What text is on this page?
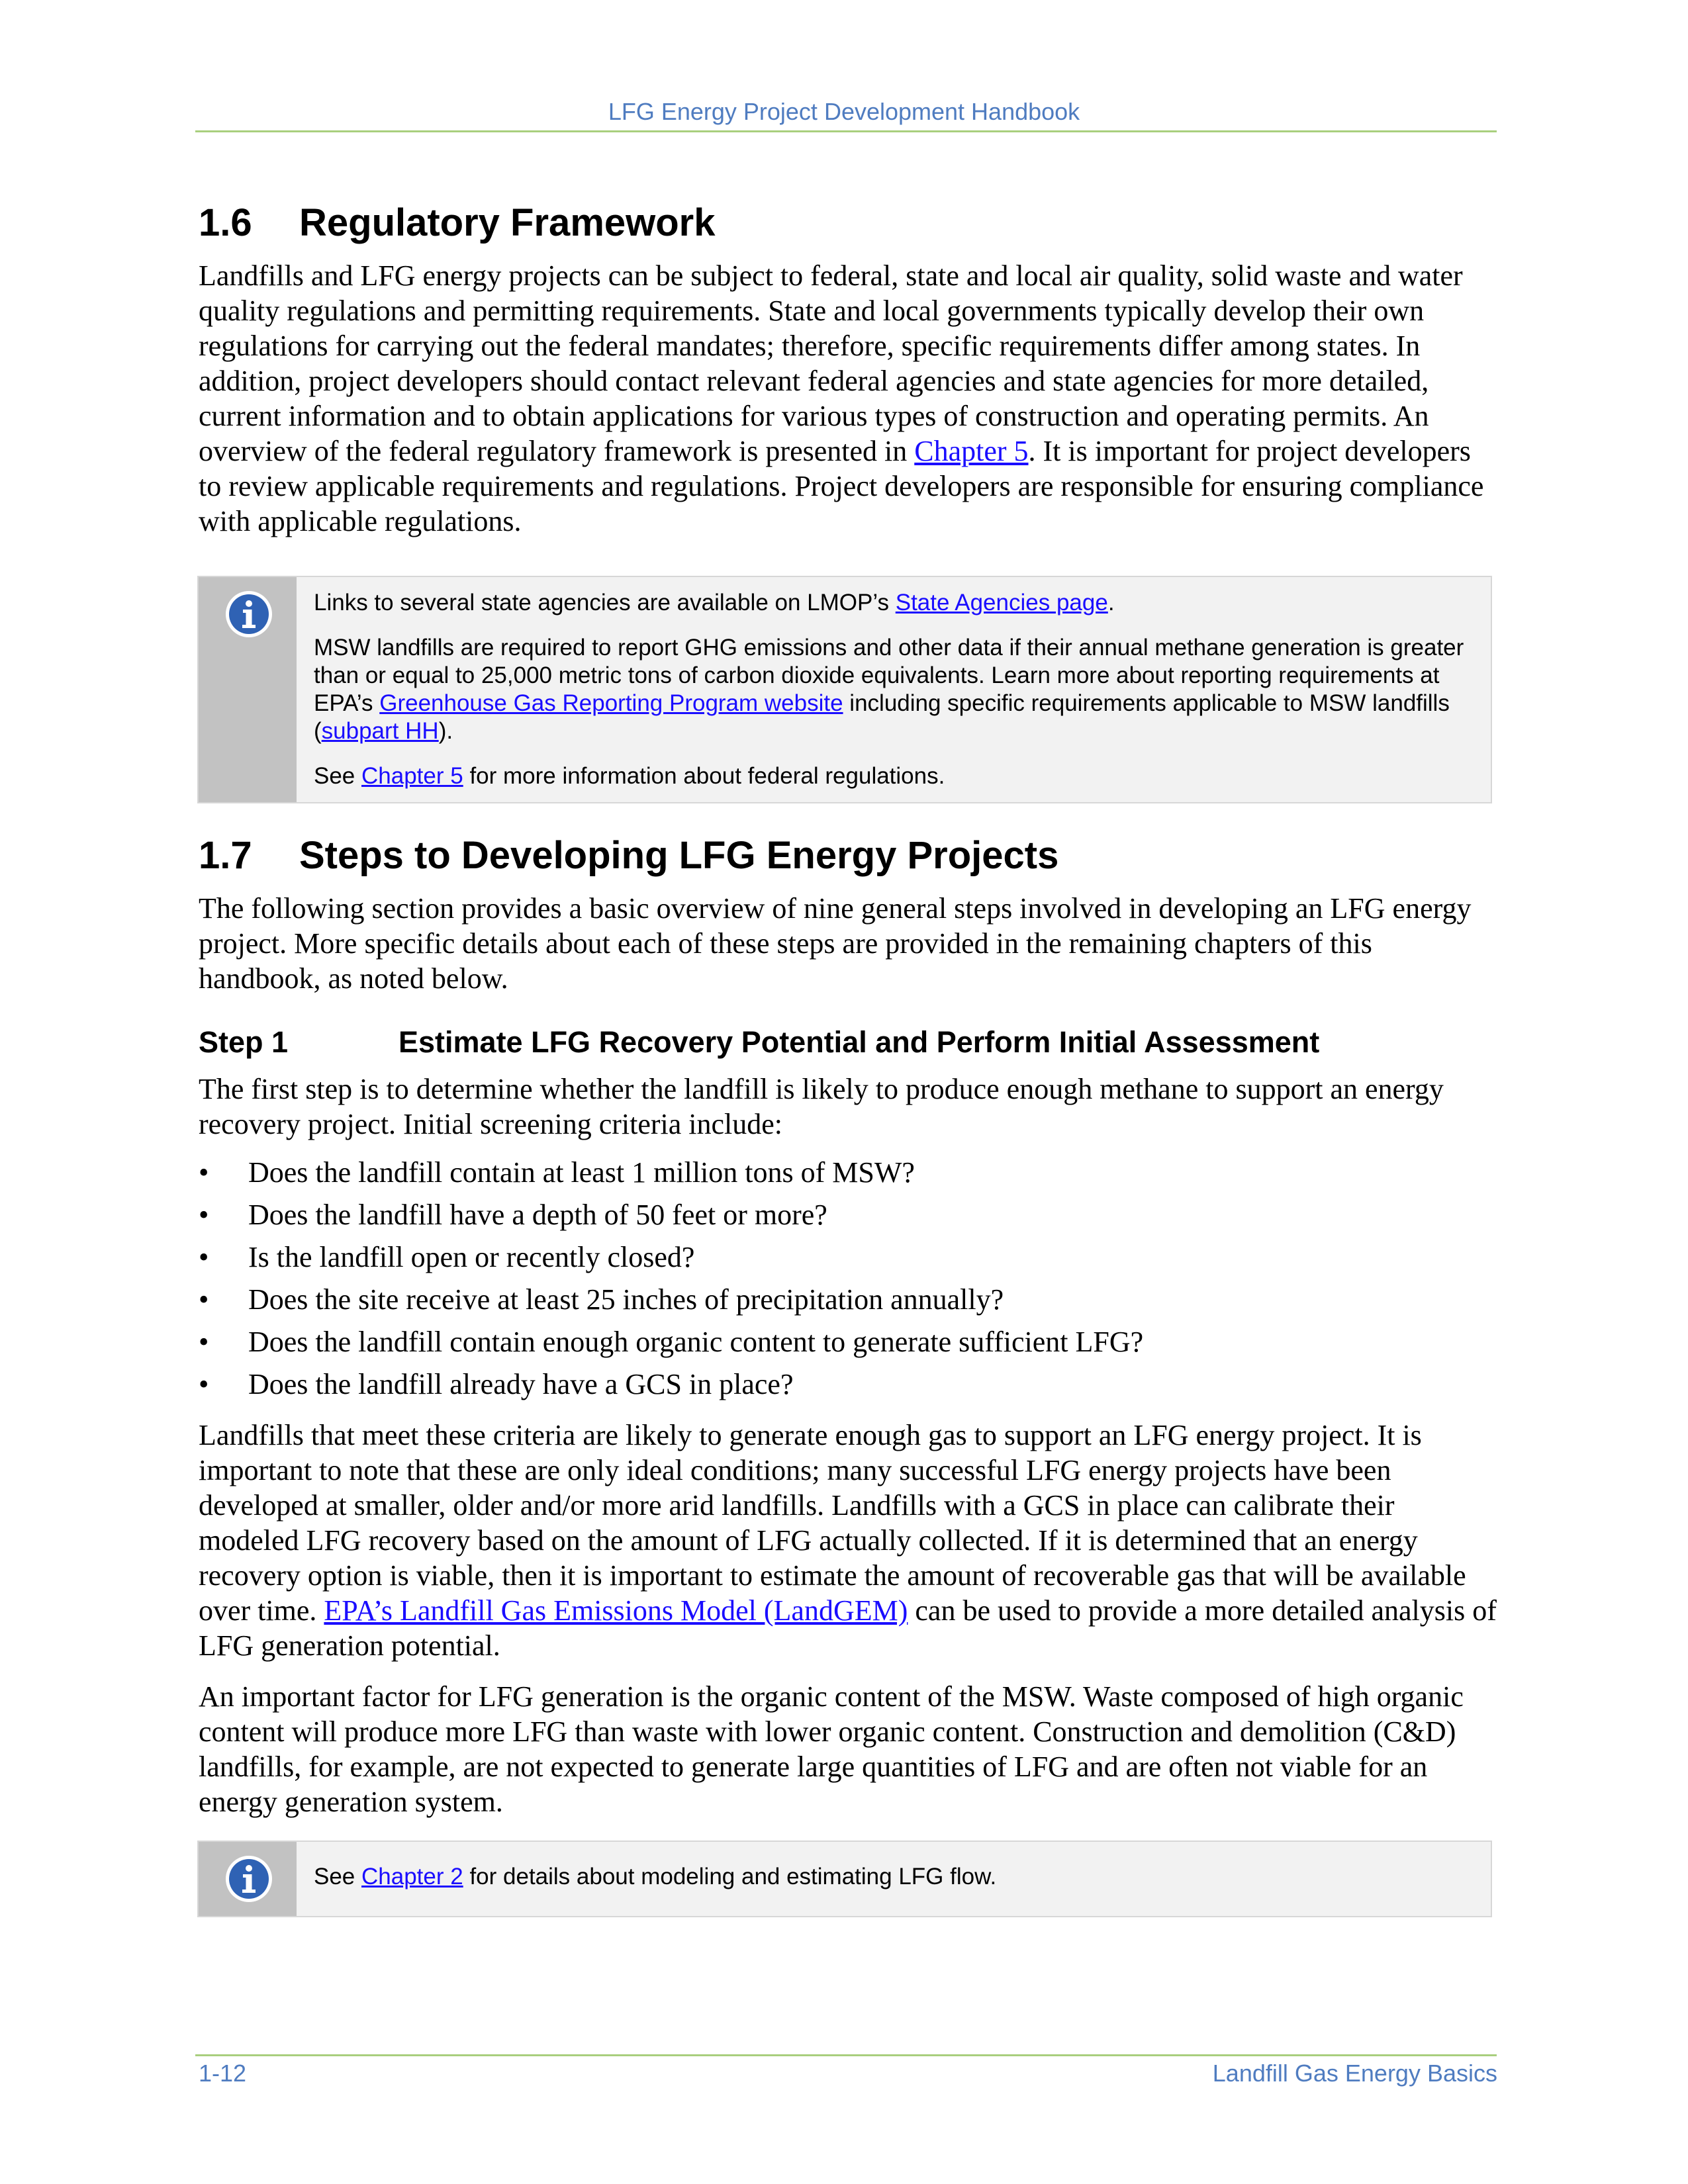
LFG Energy Project Development Handbook
1.6	Regulatory Framework

Landfills and LFG energy projects can be subject to federal, state and local air quality, solid waste and water quality regulations and permitting requirements. State and local governments typically develop their own regulations for carrying out the federal mandates; therefore, specific requirements differ among states. In addition, project developers should contact relevant federal agencies and state agencies for more detailed, current information and to obtain applications for various types of construction and operating permits. An overview of the federal regulatory framework is presented in Chapter 5. It is important for project developers to review applicable requirements and regulations. Project developers are responsible for ensuring compliance with applicable regulations.

Links to several state agencies are available on LMOP’s State Agencies page.

MSW landfills are required to report GHG emissions and other data if their annual methane generation is greater than or equal to 25,000 metric tons of carbon dioxide equivalents. Learn more about reporting requirements at EPA’s Greenhouse Gas Reporting Program website including specific requirements applicable to MSW landfills (subpart HH).

See Chapter 5 for more information about federal regulations.

1.7	Steps to Developing LFG Energy Projects

The following section provides a basic overview of nine general steps involved in developing an LFG energy project. More specific details about each of these steps are provided in the remaining chapters of this handbook, as noted below.

Step 1	Estimate LFG Recovery Potential and Perform Initial Assessment

The first step is to determine whether the landfill is likely to produce enough methane to support an energy recovery project. Initial screening criteria include:

•	Does the landfill contain at least 1 million tons of MSW?
•	Does the landfill have a depth of 50 feet or more?
•	Is the landfill open or recently closed?
•	Does the site receive at least 25 inches of precipitation annually?
•	Does the landfill contain enough organic content to generate sufficient LFG?
•	Does the landfill already have a GCS in place?

Landfills that meet these criteria are likely to generate enough gas to support an LFG energy project. It is important to note that these are only ideal conditions; many successful LFG energy projects have been developed at smaller, older and/or more arid landfills. Landfills with a GCS in place can calibrate their modeled LFG recovery based on the amount of LFG actually collected. If it is determined that an energy recovery option is viable, then it is important to estimate the amount of recoverable gas that will be available over time. EPA’s Landfill Gas Emissions Model (LandGEM) can be used to provide a more detailed analysis of LFG generation potential.

An important factor for LFG generation is the organic content of the MSW. Waste composed of high organic content will produce more LFG than waste with lower organic content. Construction and demolition (C&D) landfills, for example, are not expected to generate large quantities of LFG and are often not viable for an energy generation system.

See Chapter 2 for details about modeling and estimating LFG flow.

1-12	Landfill Gas Energy Basics
